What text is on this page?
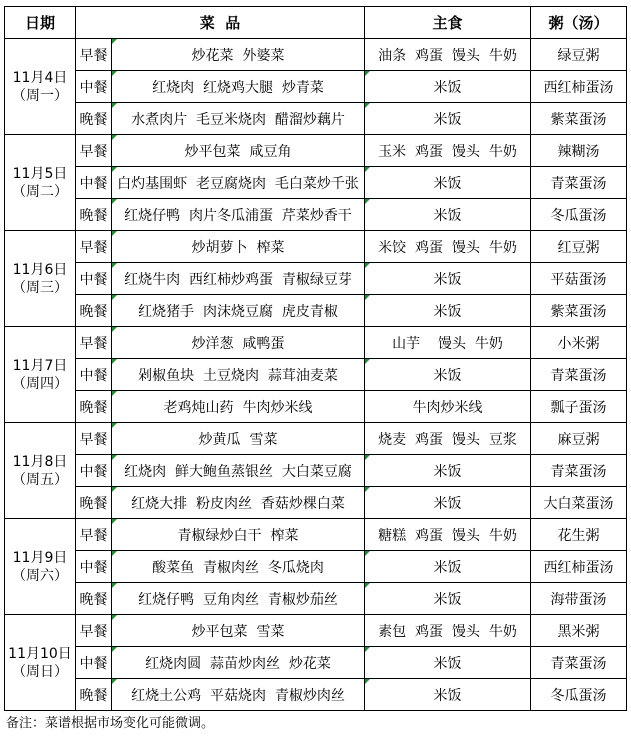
日期	菜  品		主食	粥（汤）

11月4日
（周一）	早餐	炒花菜  外婆菜	油条  鸡蛋  馒头  牛奶	绿豆粥
	中餐	红烧肉  红烧鸡大腿  炒青菜	米饭	西红柿蛋汤
	晚餐	水煮肉片  毛豆米烧肉  醋溜炒藕片	米饭	紫菜蛋汤

11月5日
（周二）	早餐	炒平包菜  咸豆角	玉米  鸡蛋  馒头  牛奶	辣糊汤
	中餐	白灼基围虾  老豆腐烧肉  毛白菜炒千张	米饭	青菜蛋汤
	晚餐	红烧仔鸭  肉片冬瓜浦蛋  芹菜炒香干	米饭	冬瓜蛋汤

11月6日
（周三）	早餐	炒胡萝卜  榨菜	米饺  鸡蛋  馒头  牛奶	红豆粥
	中餐	红烧牛肉  西红柿炒鸡蛋  青椒绿豆芽	米饭	平菇蛋汤
	晚餐	红烧猪手  肉沫烧豆腐  虎皮青椒	米饭	紫菜蛋汤

11月7日
（周四）	早餐	炒洋葱  咸鸭蛋	山芋    馒头  牛奶	小米粥
	中餐	剁椒鱼块  土豆烧肉  蒜茸油麦菜	米饭	青菜蛋汤
	晚餐	老鸡炖山药  牛肉炒米线	牛肉炒米线	瓢子蛋汤

11月8日
（周五）	早餐	炒黄瓜  雪菜	烧麦  鸡蛋  馒头  豆浆	麻豆粥
	中餐	红烧肉  鲜大鲍鱼蒸银丝  大白菜豆腐	米饭	青菜蛋汤
	晚餐	红烧大排  粉皮肉丝  香菇炒棵白菜	米饭	大白菜蛋汤

11月9日
（周六）	早餐	青椒绿炒白干  榨菜	糖糕  鸡蛋  馒头  牛奶	花生粥
	中餐	酸菜鱼  青椒肉丝  冬瓜烧肉	米饭	西红柿蛋汤
	晚餐	红烧仔鸭  豆角肉丝  青椒炒茄丝	米饭	海带蛋汤

11月10日
（周日）	早餐	炒平包菜  雪菜	素包  鸡蛋  馒头  牛奶	黑米粥
	中餐	红烧肉圆  蒜苗炒肉丝  炒花菜	米饭	青菜蛋汤
	晚餐	红烧土公鸡  平菇烧肉  青椒炒肉丝	米饭	冬瓜蛋汤
备注：菜谱根据市场变化可能微调。
